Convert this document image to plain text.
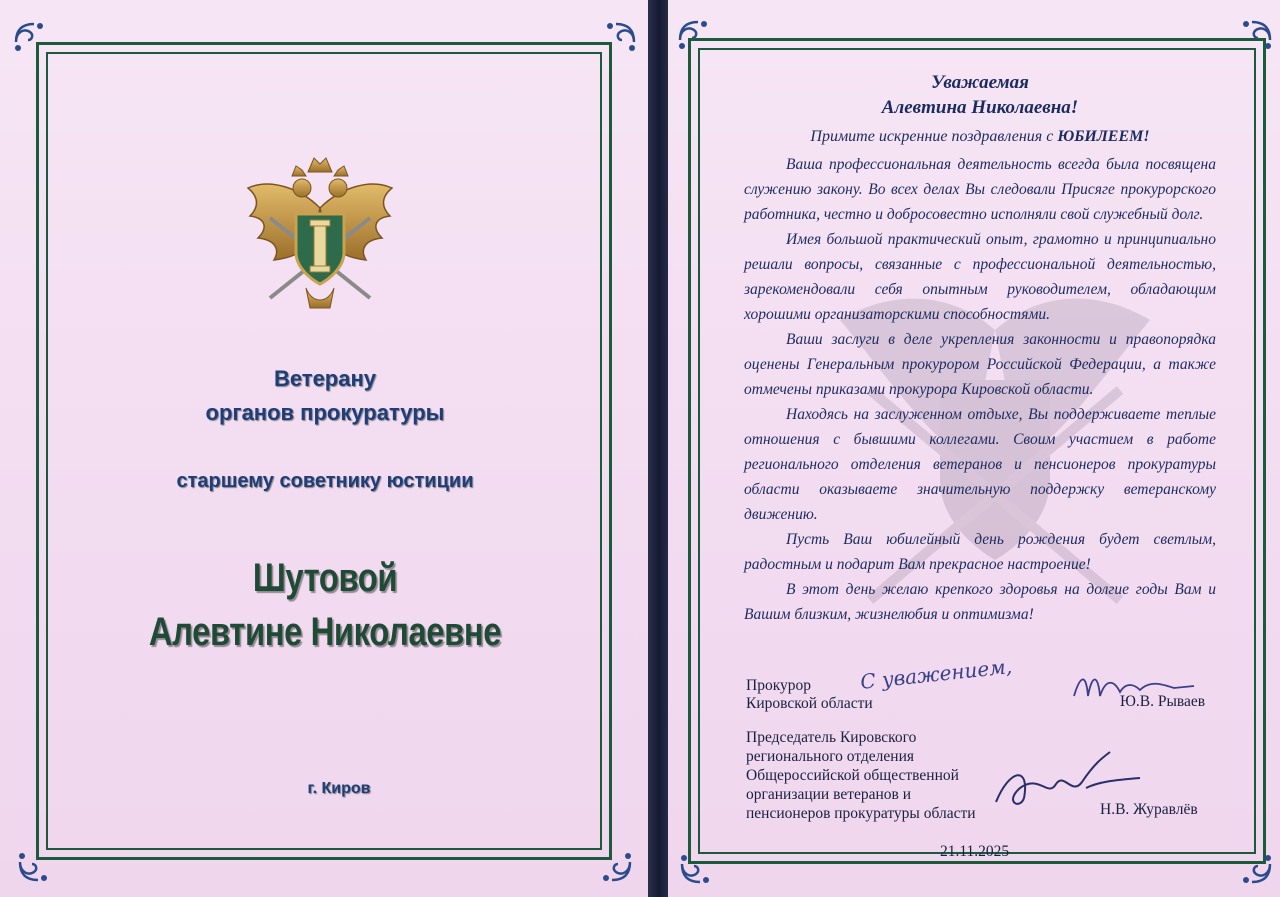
Ветерану
органов прокуратуры
старшему советнику юстиции
Шутовой
Алевтине Николаевне
г. Киров
Уважаемая
Алевтина Николаевна!
Примите искренние поздравления с ЮБИЛЕЕМ!

Ваша профессиональная деятельность всегда была посвящена служению закону. Во всех делах Вы следовали Присяге прокурорского работника, честно и добросовестно исполняли свой служебный долг.

Имея большой практический опыт, грамотно и принципиально решали вопросы, связанные с профессиональной деятельностью, зарекомендовали себя опытным руководителем, обладающим хорошими организаторскими способностями.

Ваши заслуги в деле укрепления законности и правопорядка оценены Генеральным прокурором Российской Федерации, а также отмечены приказами прокурора Кировской области.

Находясь на заслуженном отдыхе, Вы поддерживаете теплые отношения с бывшими коллегами. Своим участием в работе регионального отделения ветеранов и пенсионеров прокуратуры области оказываете значительную поддержку ветеранскому движению.

Пусть Ваш юбилейный день рождения будет светлым, радостным и подарит Вам прекрасное настроение!

В этот день желаю крепкого здоровья на долгие годы Вам и Вашим близким, жизнелюбия и оптимизма!

Прокурор
Кировской области
С уважением,
Ю.В. Рываев
Председатель Кировского
регионального отделения
Общероссийской общественной
организации ветеранов и
пенсионеров прокуратуры области	Н.В. Журавлёв
21.11.2025
